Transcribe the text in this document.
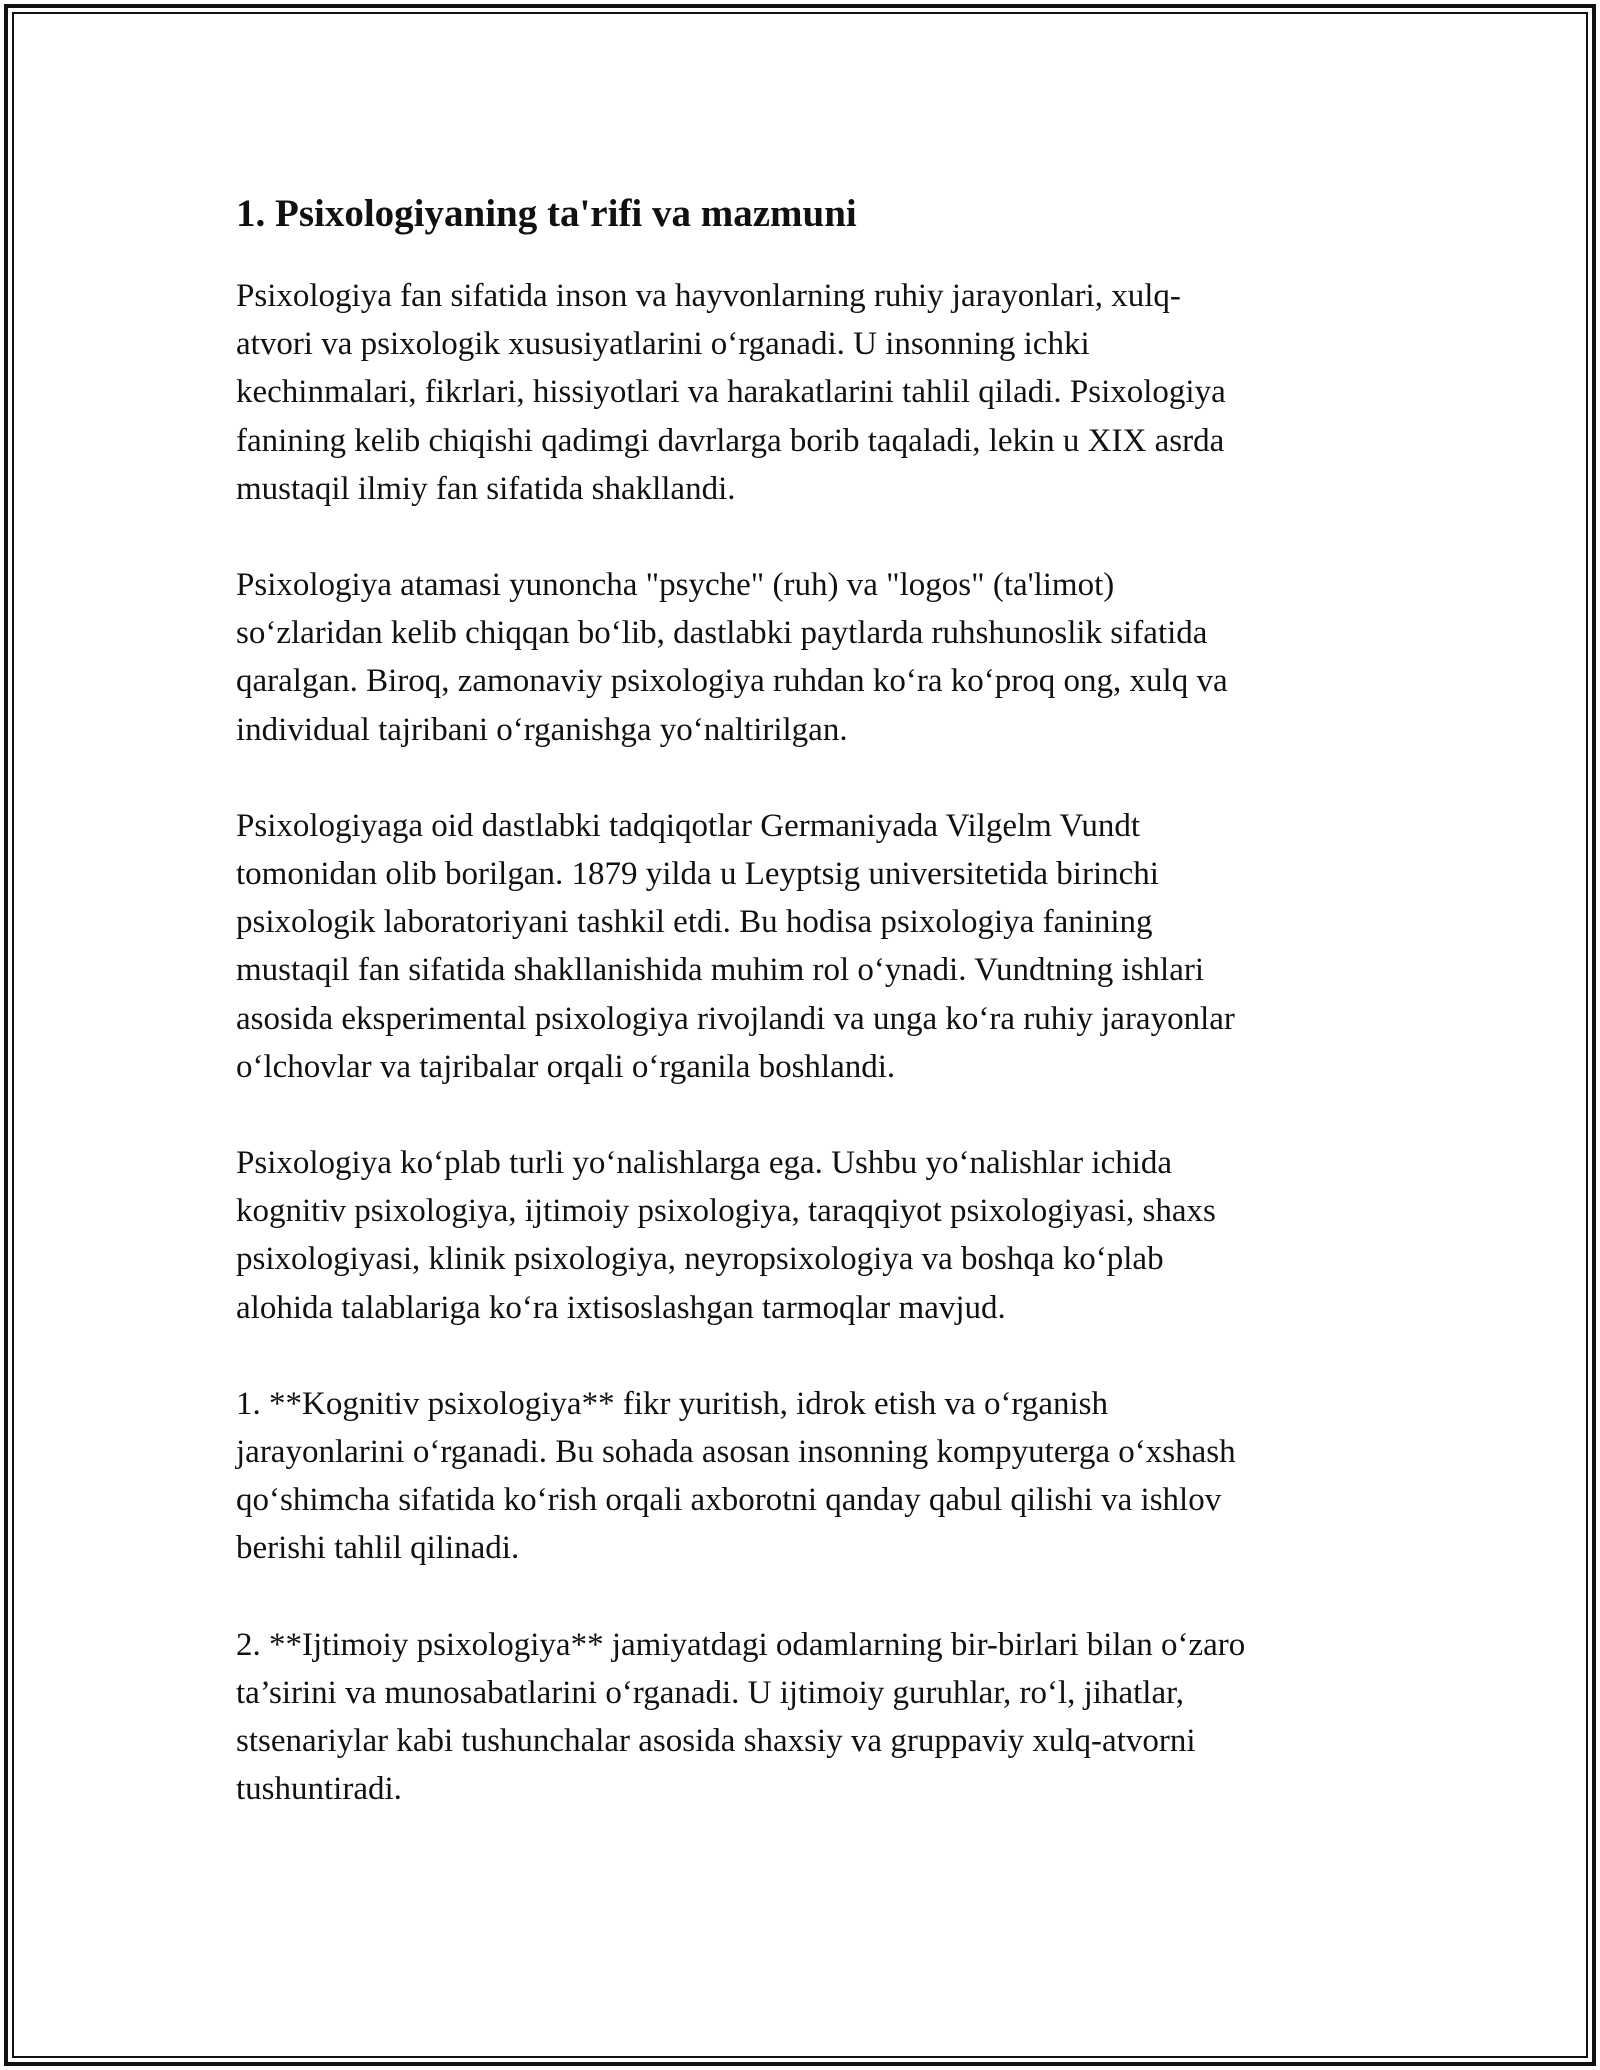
1. Psixologiyaning ta'rifi va mazmuni

Psixologiya fan sifatida inson va hayvonlarning ruhiy jarayonlari, xulq-
atvori va psixologik xususiyatlarini o‘rganadi. U insonning ichki
kechinmalari, fikrlari, hissiyotlari va harakatlarini tahlil qiladi. Psixologiya
fanining kelib chiqishi qadimgi davrlarga borib taqaladi, lekin u XIX asrda
mustaqil ilmiy fan sifatida shakllandi.

Psixologiya atamasi yunoncha "psyche" (ruh) va "logos" (ta'limot)
so‘zlaridan kelib chiqqan bo‘lib, dastlabki paytlarda ruhshunoslik sifatida
qaralgan. Biroq, zamonaviy psixologiya ruhdan ko‘ra ko‘proq ong, xulq va
individual tajribani o‘rganishga yo‘naltirilgan.

Psixologiyaga oid dastlabki tadqiqotlar Germaniyada Vilgelm Vundt
tomonidan olib borilgan. 1879 yilda u Leyptsig universitetida birinchi
psixologik laboratoriyani tashkil etdi. Bu hodisa psixologiya fanining
mustaqil fan sifatida shakllanishida muhim rol o‘ynadi. Vundtning ishlari
asosida eksperimental psixologiya rivojlandi va unga ko‘ra ruhiy jarayonlar
o‘lchovlar va tajribalar orqali o‘rganila boshlandi.

Psixologiya ko‘plab turli yo‘nalishlarga ega. Ushbu yo‘nalishlar ichida
kognitiv psixologiya, ijtimoiy psixologiya, taraqqiyot psixologiyasi, shaxs
psixologiyasi, klinik psixologiya, neyropsixologiya va boshqa ko‘plab
alohida talablariga ko‘ra ixtisoslashgan tarmoqlar mavjud.

1. **Kognitiv psixologiya** fikr yuritish, idrok etish va o‘rganish
jarayonlarini o‘rganadi. Bu sohada asosan insonning kompyuterga o‘xshash
qo‘shimcha sifatida ko‘rish orqali axborotni qanday qabul qilishi va ishlov
berishi tahlil qilinadi.

2. **Ijtimoiy psixologiya** jamiyatdagi odamlarning bir-birlari bilan o‘zaro
ta’sirini va munosabatlarini o‘rganadi. U ijtimoiy guruhlar, ro‘l, jihatlar,
stsenariylar kabi tushunchalar asosida shaxsiy va gruppaviy xulq-atvorni
tushuntiradi.
